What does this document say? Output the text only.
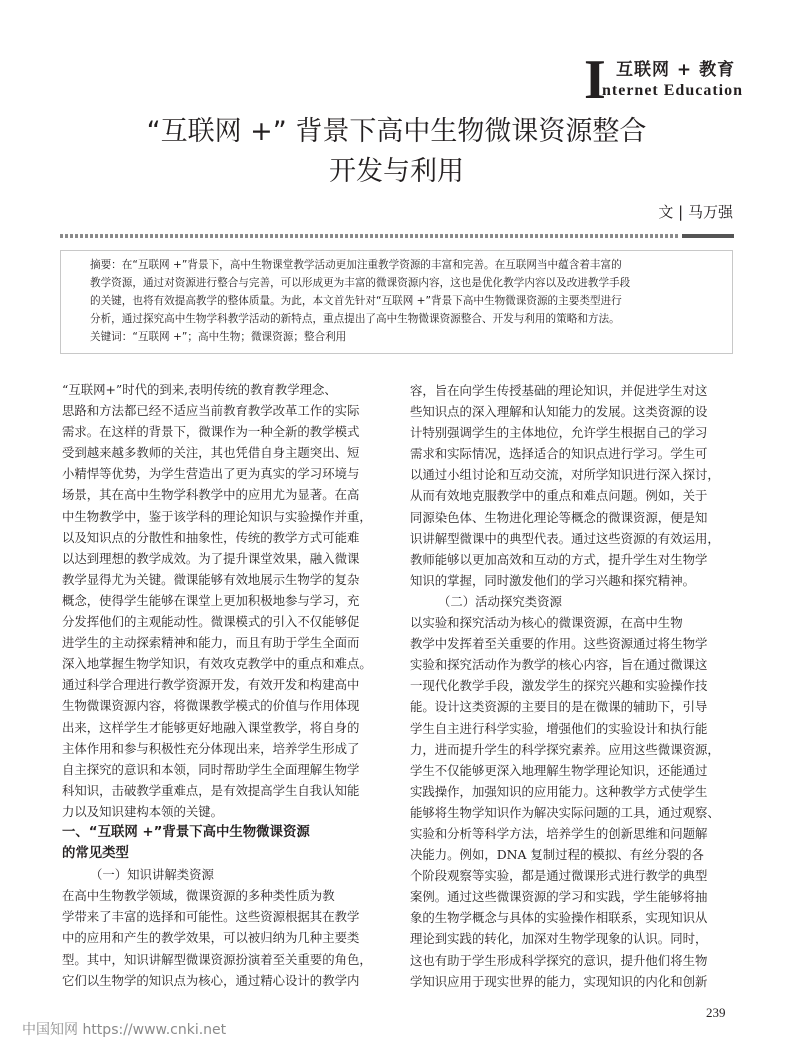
I 互联网 + 教育
nternet Education
“互联网 +” 背景下高中生物微课资源整合
开发与利用
文 | 马万强
摘要：在“互联网 +”背景下，高中生物课堂教学活动更加注重教学资源的丰富和完善。在互联网当中蕴含着丰富的
教学资源，通过对资源进行整合与完善，可以形成更为丰富的微课资源内容，这也是优化教学内容以及改进教学手段
的关键，也将有效提高教学的整体质量。为此，本文首先针对“互联网 +”背景下高中生物微课资源的主要类型进行
分析，通过探究高中生物学科教学活动的新特点，重点提出了高中生物微课资源整合、开发与利用的策略和方法。
关键词：“互联网 +”；高中生物；微课资源；整合利用
“互联网+”时代的到来,表明传统的教育教学理念、
思路和方法都已经不适应当前教育教学改革工作的实际
需求。在这样的背景下，微课作为一种全新的教学模式
受到越来越多教师的关注，其也凭借自身主题突出、短
小精悍等优势，为学生营造出了更为真实的学习环境与
场景，其在高中生物学科教学中的应用尤为显著。在高
中生物教学中，鉴于该学科的理论知识与实验操作并重，
以及知识点的分散性和抽象性，传统的教学方式可能难
以达到理想的教学成效。为了提升课堂效果，融入微课
教学显得尤为关键。微课能够有效地展示生物学的复杂
概念，使得学生能够在课堂上更加积极地参与学习，充
分发挥他们的主观能动性。微课模式的引入不仅能够促
进学生的主动探索精神和能力，而且有助于学生全面而
深入地掌握生物学知识，有效攻克教学中的重点和难点。
通过科学合理进行教学资源开发，有效开发和构建高中
生物微课资源内容，将微课教学模式的价值与作用体现
出来，这样学生才能够更好地融入课堂教学，将自身的
主体作用和参与积极性充分体现出来，培养学生形成了
自主探究的意识和本领，同时帮助学生全面理解生物学
科知识，击破教学重难点，是有效提高学生自我认知能
力以及知识建构本领的关键。
一、“互联网 +”背景下高中生物微课资源
的常见类型
（一）知识讲解类资源
在高中生物教学领域，微课资源的多种类性质为教
学带来了丰富的选择和可能性。这些资源根据其在教学
中的应用和产生的教学效果，可以被归纳为几种主要类
型。其中，知识讲解型微课资源扮演着至关重要的角色，
它们以生物学的知识点为核心，通过精心设计的教学内
容，旨在向学生传授基础的理论知识，并促进学生对这
些知识点的深入理解和认知能力的发展。这类资源的设
计特别强调学生的主体地位，允许学生根据自己的学习
需求和实际情况，选择适合的知识点进行学习。学生可
以通过小组讨论和互动交流，对所学知识进行深入探讨，
从而有效地克服教学中的重点和难点问题。例如，关于
同源染色体、生物进化理论等概念的微课资源，便是知
识讲解型微课中的典型代表。通过这些资源的有效运用，
教师能够以更加高效和互动的方式，提升学生对生物学
知识的掌握，同时激发他们的学习兴趣和探究精神。
（二）活动探究类资源
以实验和探究活动为核心的微课资源，在高中生物
教学中发挥着至关重要的作用。这些资源通过将生物学
实验和探究活动作为教学的核心内容，旨在通过微课这
一现代化教学手段，激发学生的探究兴趣和实验操作技
能。设计这类资源的主要目的是在微课的辅助下，引导
学生自主进行科学实验，增强他们的实验设计和执行能
力，进而提升学生的科学探究素养。应用这些微课资源，
学生不仅能够更深入地理解生物学理论知识，还能通过
实践操作，加强知识的应用能力。这种教学方式使学生
能够将生物学知识作为解决实际问题的工具，通过观察、
实验和分析等科学方法，培养学生的创新思维和问题解
决能力。例如，DNA 复制过程的模拟、有丝分裂的各
个阶段观察等实验，都是通过微课形式进行教学的典型
案例。通过这些微课资源的学习和实践，学生能够将抽
象的生物学概念与具体的实验操作相联系，实现知识从
理论到实践的转化，加深对生物学现象的认识。同时，
这也有助于学生形成科学探究的意识，提升他们将生物
学知识应用于现实世界的能力，实现知识的内化和创新
239
中国知网 https://www.cnki.net
